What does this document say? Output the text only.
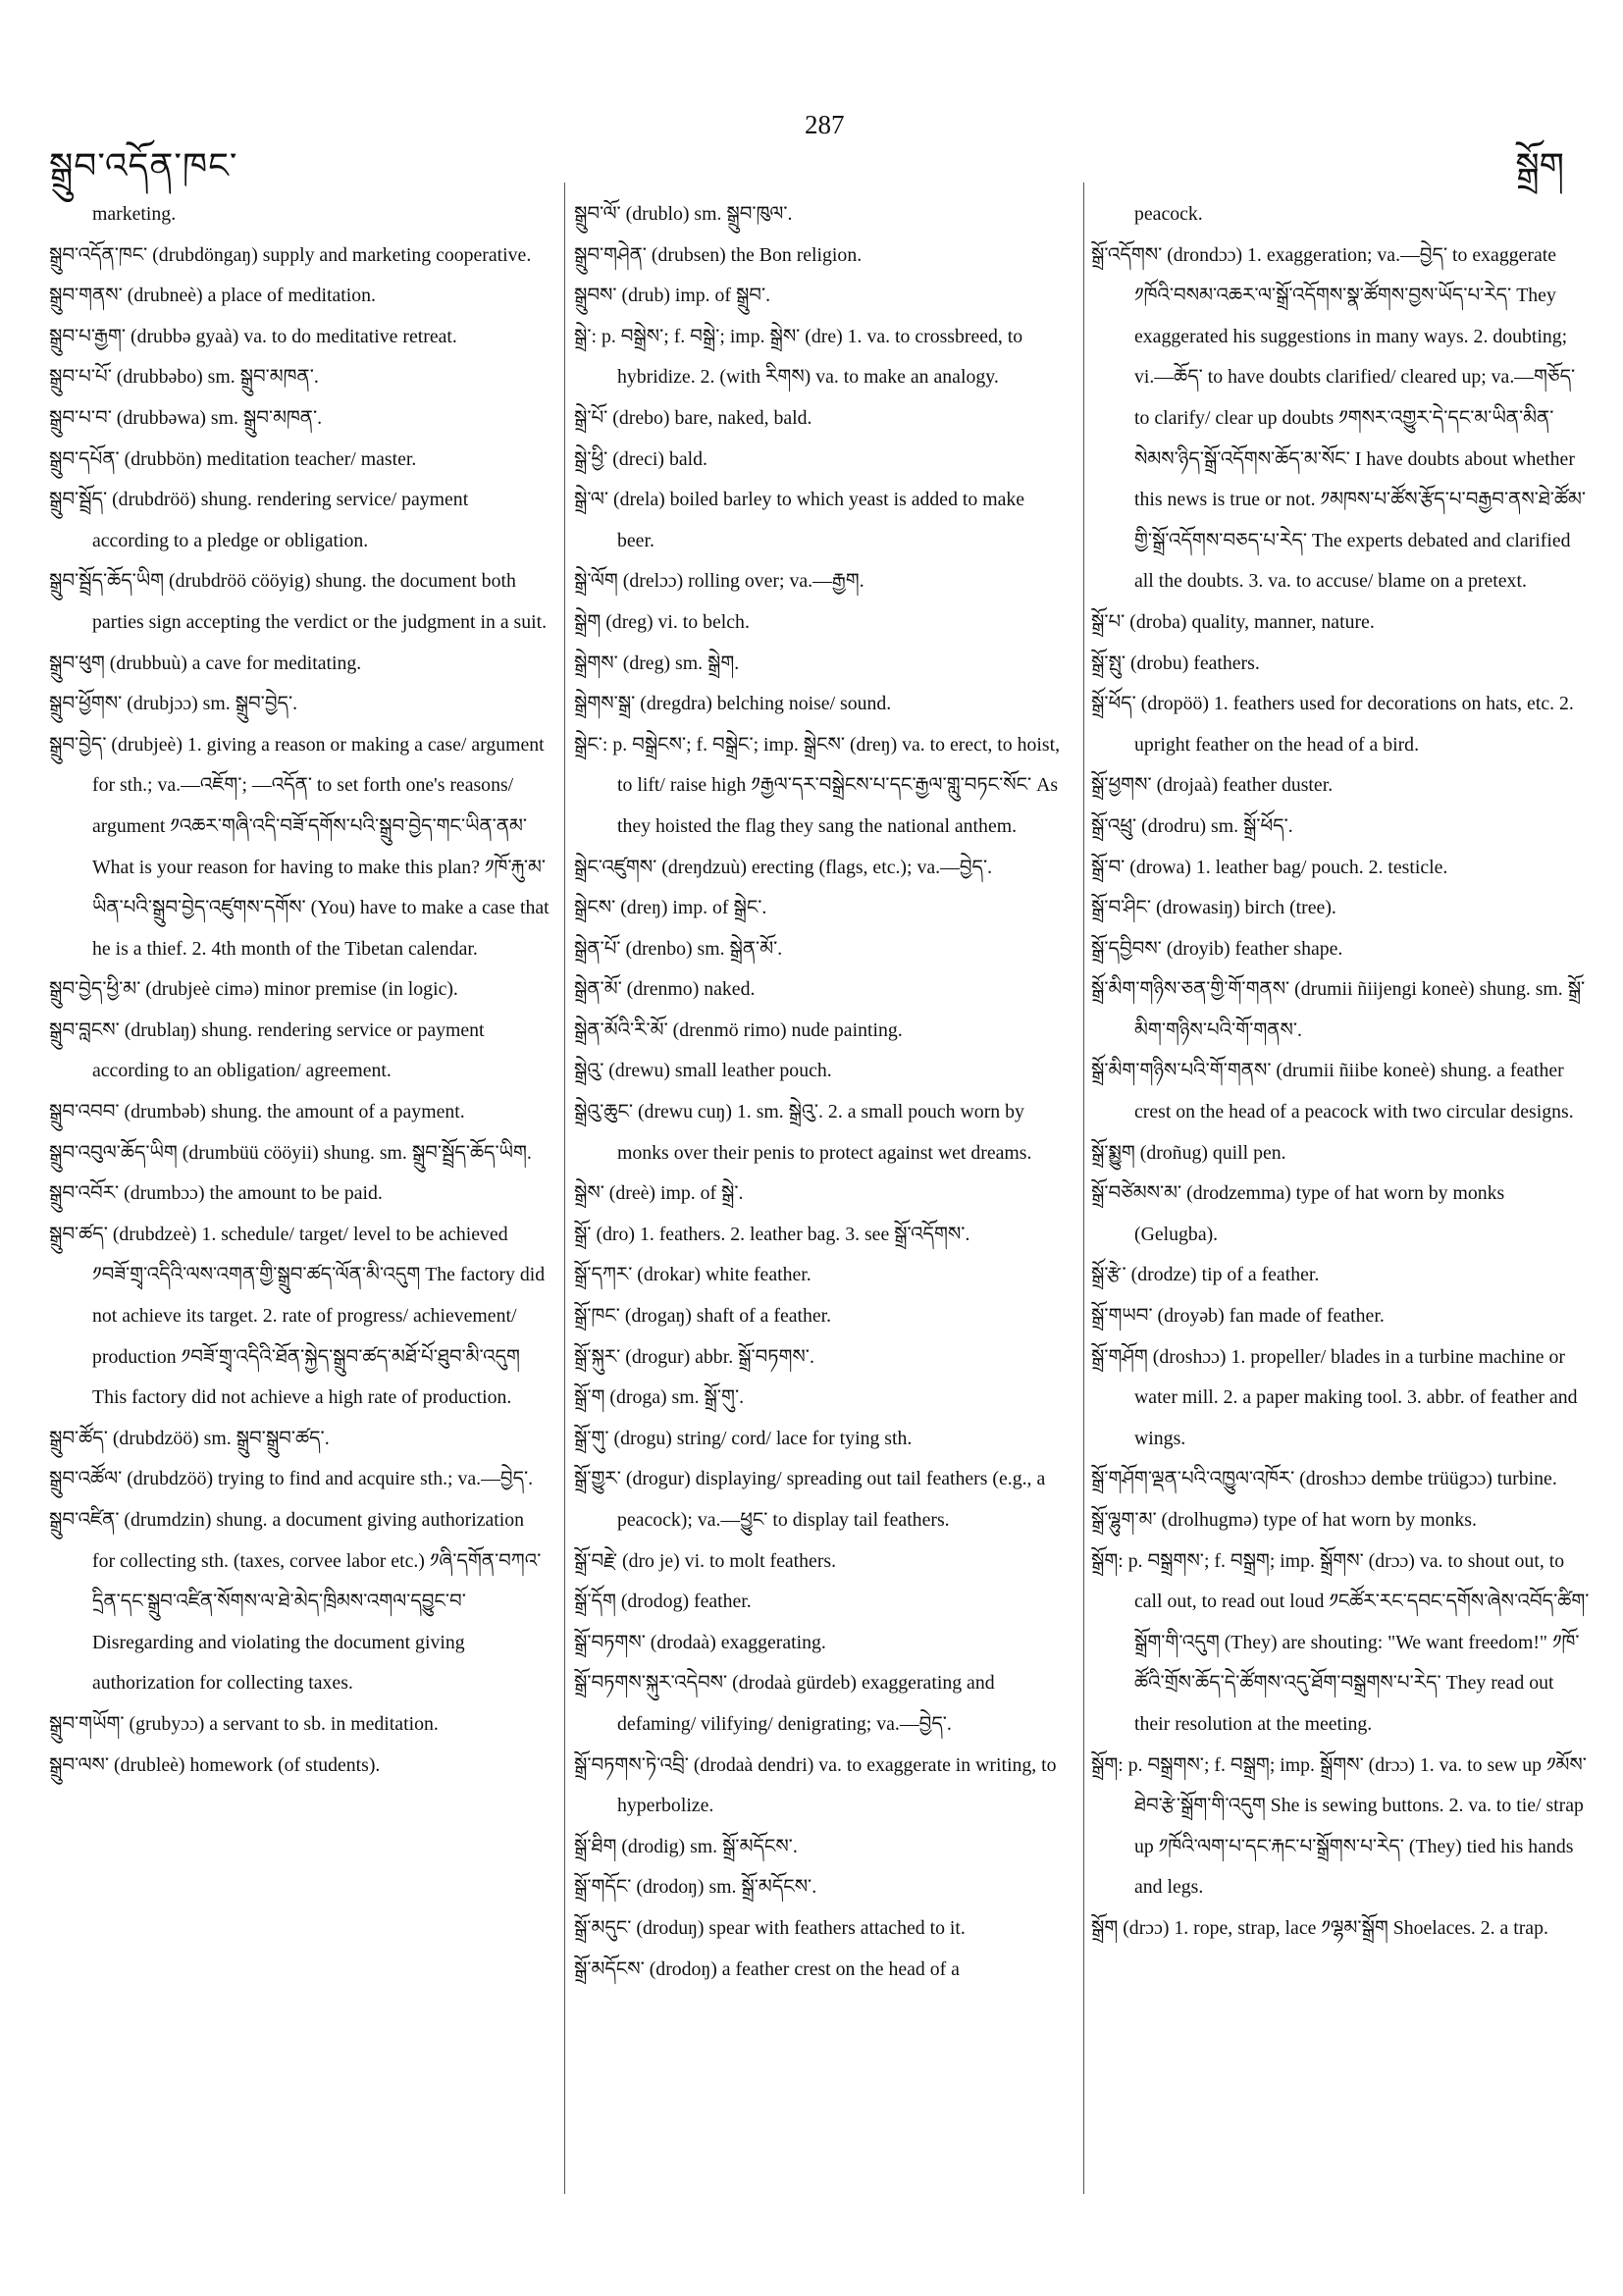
སྒྲུབ་འདོན་ཁང་
287
སྒྲོག

marketing.

སྒྲུབ་འདོན་ཁང་ (drubdöngaŋ) supply and marketing cooperative.

སྒྲུབ་གནས་ (drubneè) a place of meditation.

སྒྲུབ་པ་རྒྱག་ (drubbə gyaà) va. to do meditative retreat.

སྒྲུབ་པ་པོ་ (drubbəbo) sm. སྒྲུབ་མཁན་.

སྒྲུབ་པ་བ་ (drubbəwa) sm. སྒྲུབ་མཁན་.

སྒྲུབ་དཔོན་ (drubbön) meditation teacher/ master.

སྒྲུབ་སྦྲོད་ (drubdröö) shung. rendering service/ payment according to a pledge or obligation.

སྒྲུབ་སྦྲོད་ཆོད་ཡིག (drubdröö cööyig) shung. the document both parties sign accepting the verdict or the judgment in a suit.

སྒྲུབ་ཕུག (drubbuù) a cave for meditating.

སྒྲུབ་ཕྱོགས་ (drubjɔɔ) sm. སྒྲུབ་བྱེད་.

སྒྲུབ་བྱེད་ (drubjeè) 1. giving a reason or making a case/ argument for sth.; va.—འཇོག་; —འདོན་ to set forth one's reasons/ argument ༡འཆར་གཞི་འདི་བཟོ་དགོས་པའི་སྒྲུབ་བྱེད་གང་ཡིན་ནམ་ What is your reason for having to make this plan? ༡ཁོ་རྐུ་མ་ཡིན་པའི་སྒྲུབ་བྱེད་འཛུགས་དགོས་ (You) have to make a case that he is a thief. 2. 4th month of the Tibetan calendar.

སྒྲུབ་བྱེད་ཕྱི་མ་ (drubjeè cimə) minor premise (in logic).

སྒྲུབ་བླངས་ (drublaŋ) shung. rendering service or payment according to an obligation/ agreement.

སྒྲུབ་འབབ་ (drumbəb) shung. the amount of a payment.

སྒྲུབ་འབུལ་ཆོད་ཡིག (drumbüü cööyii) shung. sm. སྒྲུབ་སྦྲོད་ཆོད་ཡིག.

སྒྲུབ་འབོར་ (drumbɔɔ) the amount to be paid.

སྒྲུབ་ཚད་ (drubdzeè) 1. schedule/ target/ level to be achieved ༡བཟོ་གྲྭ་འདིའི་ལས་འགན་གྱི་སྒྲུབ་ཚད་ལོན་མི་འདུག The factory did not achieve its target. 2. rate of progress/ achievement/ production ༡བཟོ་གྲྭ་འདིའི་ཐོན་སྐྱེད་སྒྲུབ་ཚད་མཐོ་པོ་ཐུབ་མི་འདུག This factory did not achieve a high rate of production.

སྒྲུབ་ཚོད་ (drubdzöö) sm. སྒྲུབ་སྒྲུབ་ཚད་.

སྒྲུབ་འཚོལ་ (drubdzöö) trying to find and acquire sth.; va.—བྱེད་.

སྒྲུབ་འཛིན་ (drumdzin) shung. a document giving authorization for collecting sth. (taxes, corvee labor etc.) ༡ཞི་དགོན་བཀའ་དྲིན་དང་སྒྲུབ་འཛིན་སོགས་ལ་ཐེ་མེད་ཁྲིམས་འགལ་དབྱུང་བ་ Disregarding and violating the document giving authorization for collecting taxes.

སྒྲུབ་གཡོག་ (grubyɔɔ) a servant to sb. in meditation.

སྒྲུབ་ལས་ (drubleè) homework (of students).

སྒྲུབ་ལོ་ (drublo) sm. སྒྲུབ་ཁུལ་.

སྒྲུབ་གཤེན་ (drubsen) the Bon religion.

སྒྲུབས་ (drub) imp. of སྒྲུབ་.

སྒྲེ་: p. བསྒྲེས་; f. བསྒྲེ་; imp. སྒྲེས་ (dre) 1. va. to crossbreed, to hybridize. 2. (with རིགས) va. to make an analogy.

སྒྲེ་པོ་ (drebo) bare, naked, bald.

སྒྲེ་ཕྱི་ (dreci) bald.

སྒྲེ་ལ་ (drela) boiled barley to which yeast is added to make beer.

སྒྲེ་ལོག (drelɔɔ) rolling over; va.—རྒྱག.

སྒྲེག (dreg) vi. to belch.

སྒྲེགས་ (dreg) sm. སྒྲེག.

སྒྲེགས་སྒྲ་ (dregdra) belching noise/ sound.

སྒྲེང་: p. བསྒྲེངས་; f. བསྒྲེང་; imp. སྒྲེངས་ (dreŋ) va. to erect, to hoist, to lift/ raise high ༡རྒྱལ་དར་བསྒྲེངས་པ་དང་རྒྱལ་གླུ་བཏང་སོང་ As they hoisted the flag they sang the national anthem.

སྒྲེང་འཛུགས་ (dreŋdzuù) erecting (flags, etc.); va.—བྱེད་.

སྒྲེངས་ (dreŋ) imp. of སྒྲེང་.

སྒྲེན་པོ་ (drenbo) sm. སྒྲེན་མོ་.

སྒྲེན་མོ་ (drenmo) naked.

སྒྲེན་མོའི་རི་མོ་ (drenmö rimo) nude painting.

སྒྲེའུ་ (drewu) small leather pouch.

སྒྲེའུ་ཆུང་ (drewu cuŋ) 1. sm. སྒྲེའུ་. 2. a small pouch worn by monks over their penis to protect against wet dreams.

སྒྲེས་ (dreè) imp. of སྒྲེ་.

སྒྲོ་ (dro) 1. feathers. 2. leather bag. 3. see སྒྲོ་འདོགས་.

སྒྲོ་དཀར་ (drokar) white feather.

སྒྲོ་ཁང་ (drogaŋ) shaft of a feather.

སྒྲོ་སྐུར་ (drogur) abbr. སྒྲོ་བཏགས་.

སྒྲོ་ག (droga) sm. སྒྲོ་གུ་.

སྒྲོ་གུ་ (drogu) string/ cord/ lace for tying sth.

སྒྲོ་གྱུར་ (drogur) displaying/ spreading out tail feathers (e.g., a peacock); va.—ཕྱུང་ to display tail feathers.

སྒྲོ་བརྗེ་ (dro je) vi. to molt feathers.

སྒྲོ་དོག (drodog) feather.

སྒྲོ་བཏགས་ (drodaà) exaggerating.

སྒྲོ་བཏགས་སྐུར་འདེབས་ (drodaà gürdeb) exaggerating and defaming/ vilifying/ denigrating; va.—བྱེད་.

སྒྲོ་བཏགས་ཏེ་འབྲི་ (drodaà dendri) va. to exaggerate in writing, to hyperbolize.

སྒྲོ་ཐིག (drodig) sm. སྒྲོ་མདོངས་.

སྒྲོ་གདོང་ (drodoŋ) sm. སྒྲོ་མདོངས་.

སྒྲོ་མདུང་ (droduŋ) spear with feathers attached to it.

སྒྲོ་མདོངས་ (drodoŋ) a feather crest on the head of a

peacock.

སྒྲོ་འདོགས་ (drondɔɔ) 1. exaggeration; va.—བྱེད་ to exaggerate ༡ཁོའི་བསམ་འཆར་ལ་སྒྲོ་འདོགས་སྣ་ཚོགས་བྱས་ཡོད་པ་རེད་ They exaggerated his suggestions in many ways. 2. doubting; vi.—ཆོད་ to have doubts clarified/ cleared up; va.—གཅོད་ to clarify/ clear up doubts ༡གསར་འགྱུར་དེ་དང་མ་ཡིན་མིན་སེམས་ཉིད་སྒྲོ་འདོགས་ཆོད་མ་སོང་ I have doubts about whether this news is true or not. ༡མཁས་པ་ཚོས་རྩོད་པ་བརྒྱབ་ནས་ཐེ་ཚོམ་གྱི་སྒྲོ་འདོགས་བཅད་པ་རེད་ The experts debated and clarified all the doubts. 3. va. to accuse/ blame on a pretext.

སྒྲོ་པ་ (droba) quality, manner, nature.

སྒྲོ་སྤུ་ (drobu) feathers.

སྒྲོ་ཕོད་ (dropöö) 1. feathers used for decorations on hats, etc. 2. upright feather on the head of a bird.

སྒྲོ་ཕྱགས་ (drojaà) feather duster.

སྒྲོ་འཕྲུ་ (drodru) sm. སྒྲོ་ཕོད་.

སྒྲོ་བ་ (drowa) 1. leather bag/ pouch. 2. testicle.

སྒྲོ་བ་ཤིང་ (drowasiŋ) birch (tree).

སྒྲོ་དབྱིབས་ (droyib) feather shape.

སྒྲོ་མིག་གཉིས་ཅན་གྱི་གོ་གནས་ (drumii ñiijengi koneè) shung. sm. སྒྲོ་མིག་གཉིས་པའི་གོ་གནས་.

སྒྲོ་མིག་གཉིས་པའི་གོ་གནས་ (drumii ñiibe koneè) shung. a feather crest on the head of a peacock with two circular designs.

སྒྲོ་སྨྱུག (droñug) quill pen.

སྒྲོ་བཙེམས་མ་ (drodzemma) type of hat worn by monks (Gelugba).

སྒྲོ་རྩེ་ (drodze) tip of a feather.

སྒྲོ་གཡབ་ (droyəb) fan made of feather.

སྒྲོ་གཤོག (droshɔɔ) 1. propeller/ blades in a turbine machine or water mill. 2. a paper making tool. 3. abbr. of feather and wings.

སྒྲོ་གཤོག་ལྡན་པའི་འཁྱུལ་འཁོར་ (droshɔɔ dembe trüügɔɔ) turbine.

སྒྲོ་ལྷུག་མ་ (drolhugmə) type of hat worn by monks.

སྒྲོག: p. བསྒྲགས་; f. བསྒྲག; imp. སྒྲོགས་ (drɔɔ) va. to shout out, to call out, to read out loud ༡ངཚོར་རང་དབང་དགོས་ཞེས་འབོད་ཚིག་སྒྲོག་གི་འདུག (They) are shouting: "We want freedom!" ༡ཁོ་ཚོའི་གྲོས་ཆོད་དེ་ཚོགས་འདུ་ཐོག་བསྒྲགས་པ་རེད་ They read out their resolution at the meeting.

སྒྲོག: p. བསྒྲགས་; f. བསྒྲག; imp. སྒྲོགས་ (drɔɔ) 1. va. to sew up ༡མོས་ཐེབ་རྩེ་སྒྲོག་གི་འདུག She is sewing buttons. 2. va. to tie/ strap up ༡ཁོའི་ལག་པ་དང་རྐང་པ་སྒྲོགས་པ་རེད་ (They) tied his hands and legs.

སྒྲོག (drɔɔ) 1. rope, strap, lace ༡ལྷམ་སྒྲོག Shoelaces. 2. a trap.
